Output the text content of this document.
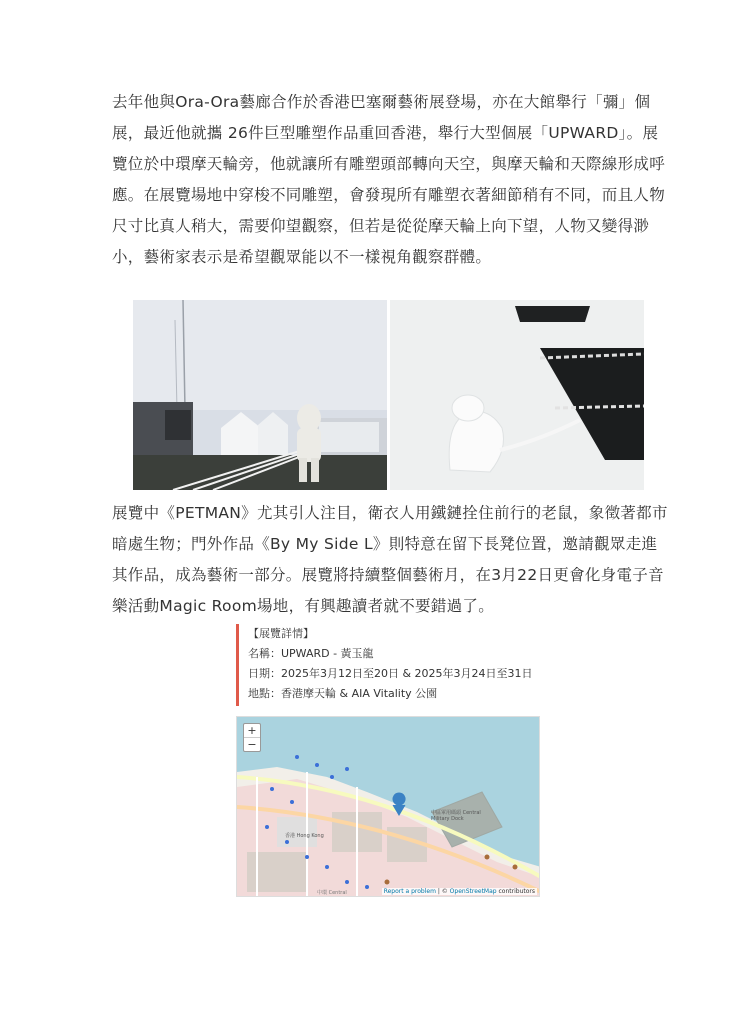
去年他與Ora-Ora藝廊合作於香港巴塞爾藝術展登場，亦在大館舉行「彌」個展，最近他就攜 26件巨型雕塑作品重回香港，舉行大型個展「UPWARD」。展覽位於中環摩天輪旁，他就讓所有雕塑頭部轉向天空，與摩天輪和天際線形成呼應。在展覽場地中穿梭不同雕塑，會發現所有雕塑衣著細節稍有不同，而且人物尺寸比真人稍大，需要仰望觀察，但若是從從摩天輪上向下望，人物又變得渺小，藝術家表示是希望觀眾能以不一樣視角觀察群體。

展覽中《PETMAN》尤其引人注目，衛衣人用鐵鏈拴住前行的老鼠，象徵著都市暗處生物；門外作品《By My Side L》則特意在留下長凳位置，邀請觀眾走進其作品，成為藝術一部分。展覽將持續整個藝術月，在3月22日更會化身電子音樂活動Magic Room場地，有興趣讀者就不要錯過了。

【展覽詳情】
名稱：UPWARD - 黃玉龍
日期：2025年3月12日至20日 & 2025年3月24日至31日
地點：香港摩天輪 & AIA Vitality 公園
+
−
中區軍用碼頭 Central Military Dock
香港 Hong Kong
中環 Central	Report a problem | © OpenStreetMap contributors
